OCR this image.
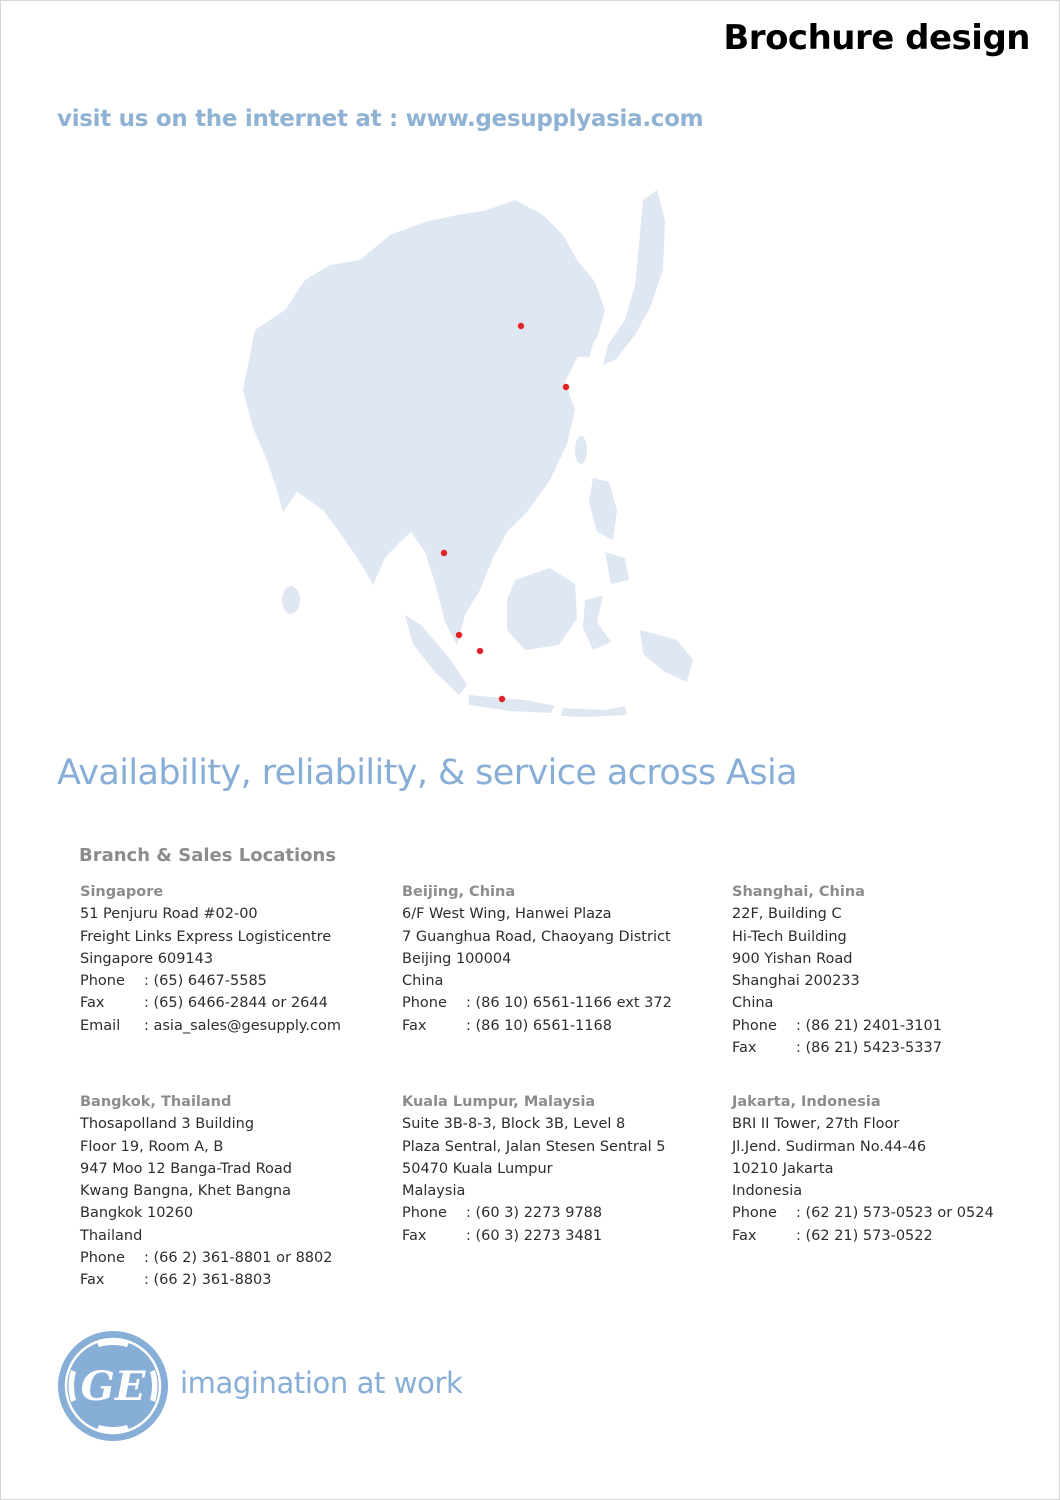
Brochure design
visit us on the internet at : www.gesupplyasia.com
Availability, reliability, & service across Asia
Branch & Sales Locations
Singapore
51 Penjuru Road #02-00
Freight Links Express Logisticentre
Singapore 609143
Phone : (65) 6467-5585
Fax	: (65) 6466-2844 or 2644
Email : asia_sales@gesupply.com
Beijing, China
6/F West Wing, Hanwei Plaza
7 Guanghua Road, Chaoyang District
Beijing 100004
China
Phone : (86 10) 6561-1166 ext 372
Fax	: (86 10) 6561-1168
Shanghai, China
22F, Building C
Hi-Tech Building
900 Yishan Road
Shanghai 200233
China
Phone : (86 21) 2401-3101
Fax	: (86 21) 5423-5337
Bangkok, Thailand
Thosapolland 3 Building
Floor 19, Room A, B
947 Moo 12 Banga-Trad Road
Kwang Bangna, Khet Bangna
Bangkok 10260
Thailand
Phone : (66 2) 361-8801 or 8802
Fax	: (66 2) 361-8803
Kuala Lumpur, Malaysia
Suite 3B-8-3, Block 3B, Level 8
Plaza Sentral, Jalan Stesen Sentral 5
50470 Kuala Lumpur
Malaysia
Phone : (60 3) 2273 9788
Fax	: (60 3) 2273 3481
Jakarta, Indonesia
BRI II Tower, 27th Floor
Jl.Jend. Sudirman No.44-46
10210 Jakarta
Indonesia
Phone : (62 21) 573-0523 or 0524
Fax	: (62 21) 573-0522
GE imagination at work
